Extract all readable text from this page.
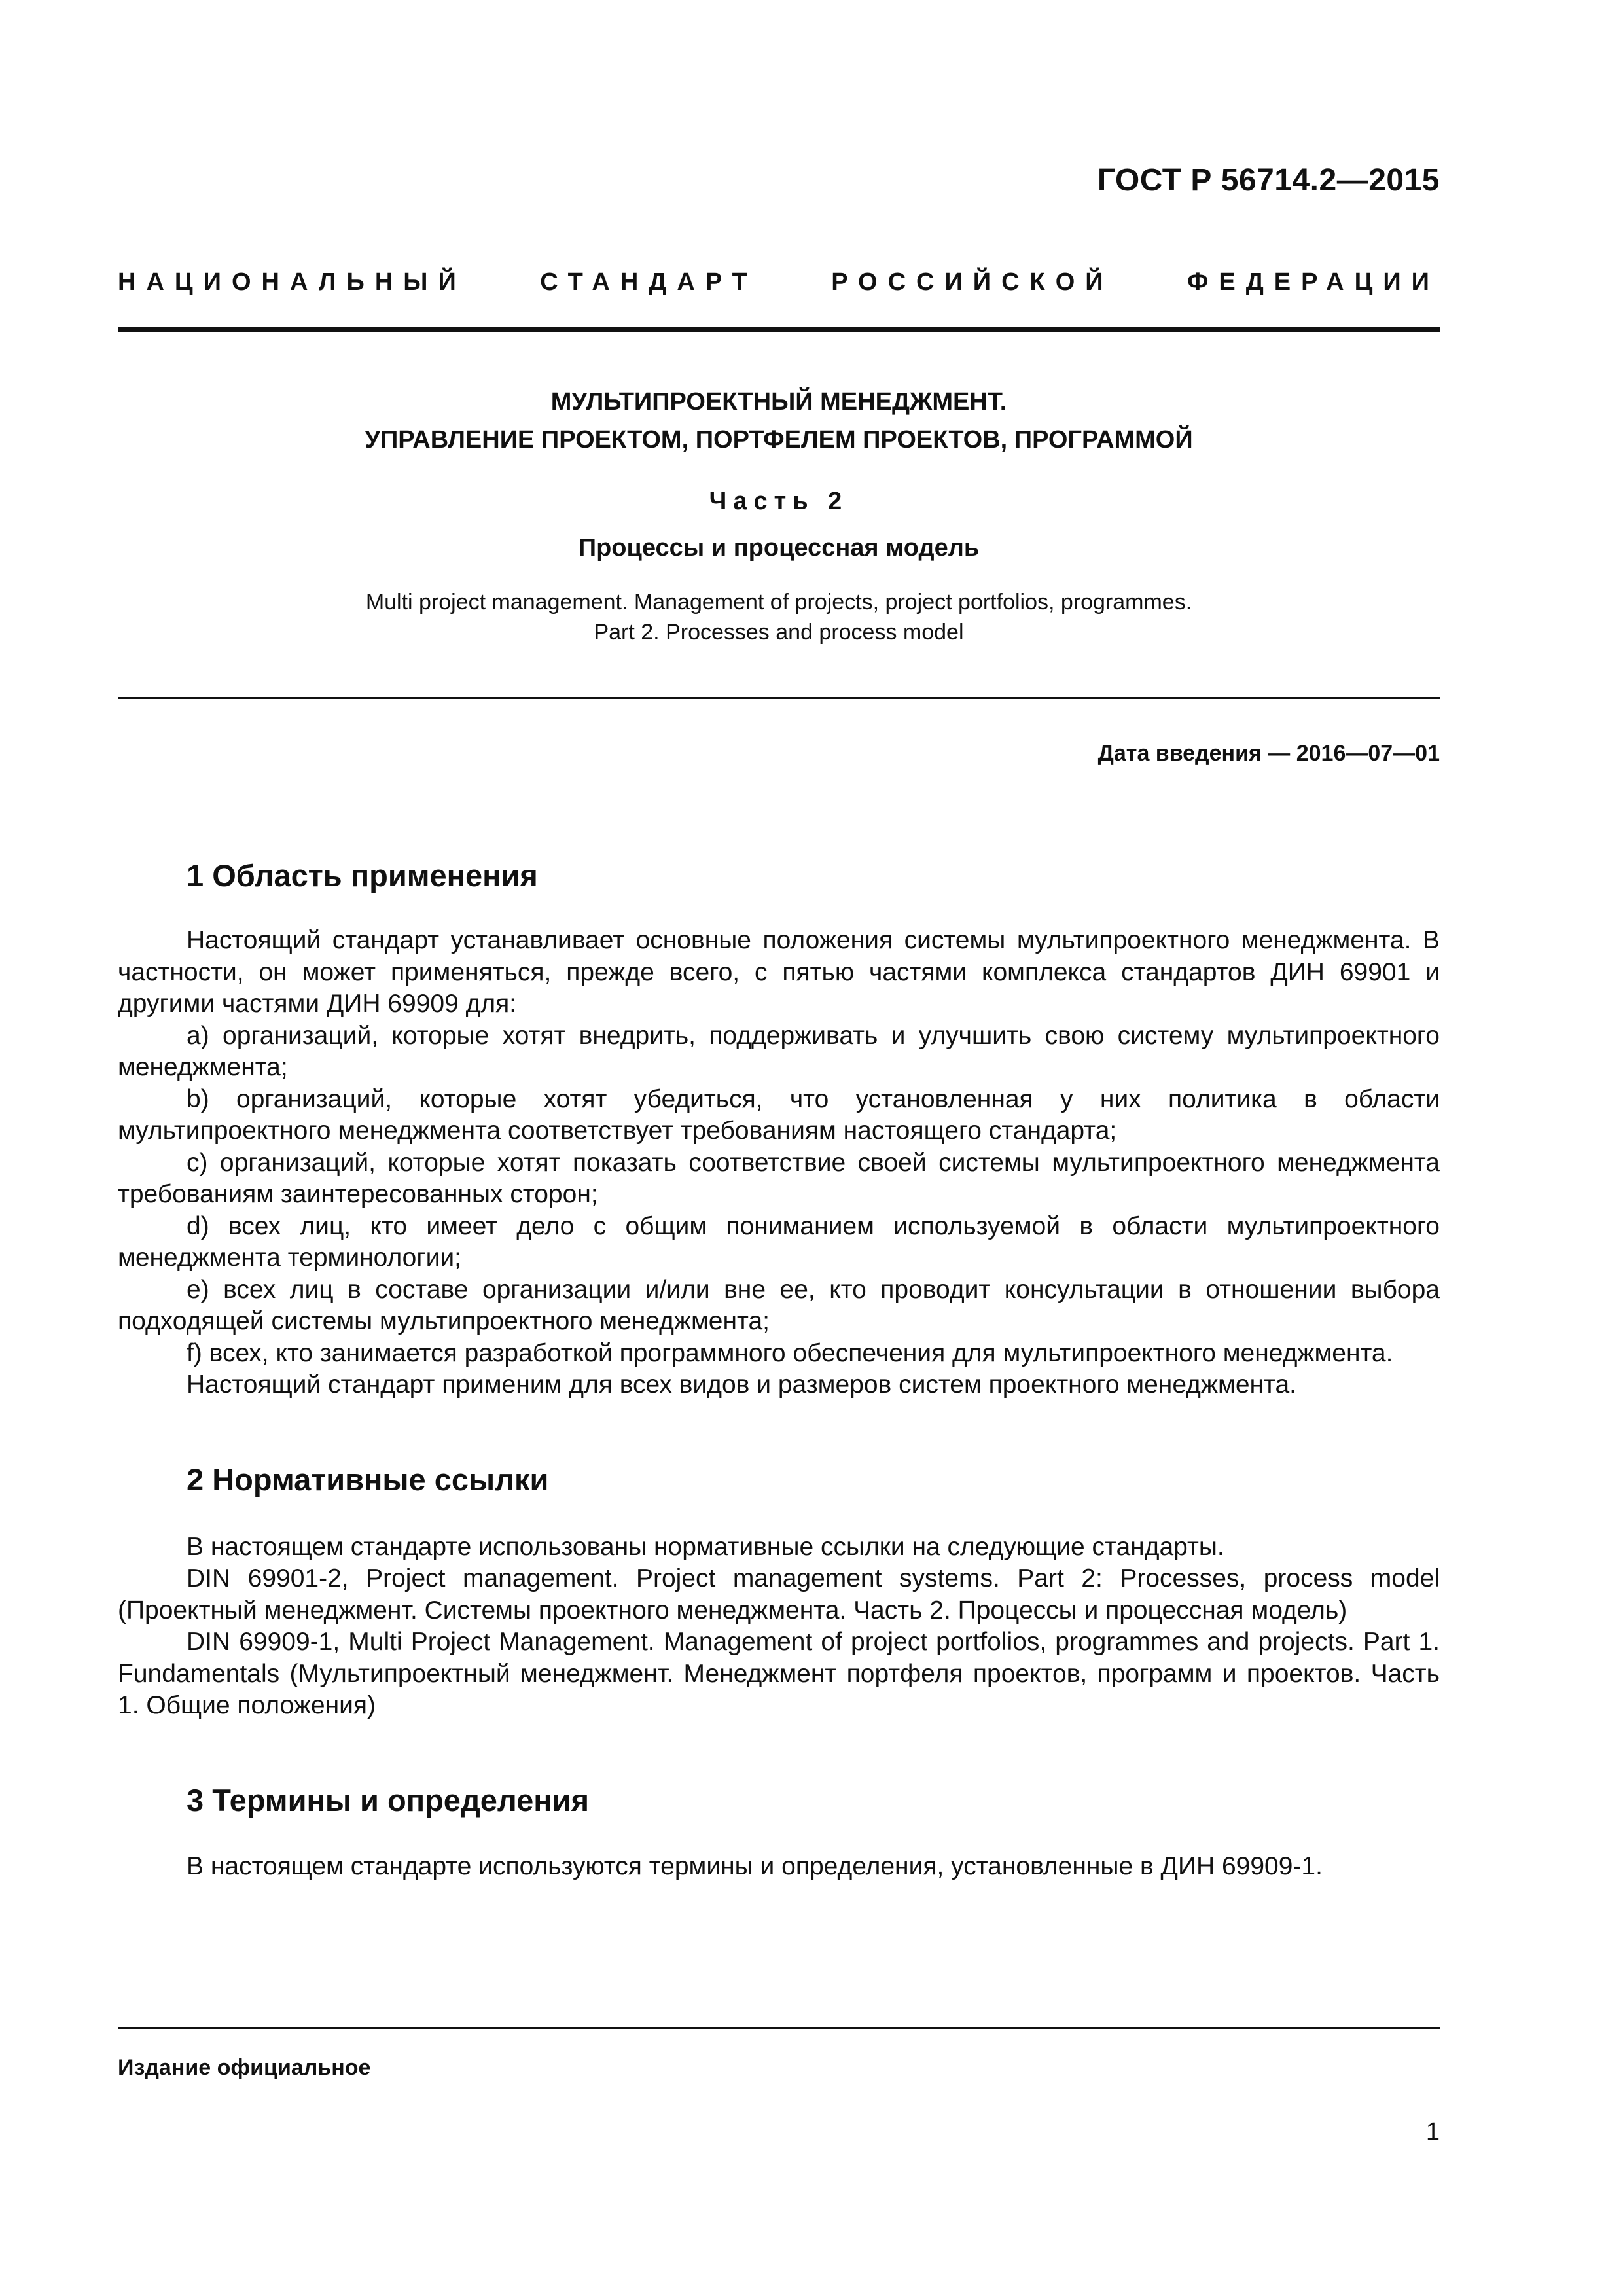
ГОСТ Р 56714.2—2015
НАЦИОНАЛЬНЫЙ	СТАНДАРТ	РОССИЙСКОЙ	ФЕДЕРАЦИИ
МУЛЬТИПРОЕКТНЫЙ МЕНЕДЖМЕНТ.
УПРАВЛЕНИЕ ПРОЕКТОМ, ПОРТФЕЛЕМ ПРОЕКТОВ, ПРОГРАММОЙ
Часть 2
Процессы и процессная модель
Multi project management. Management of projects, project portfolios, programmes.
Part 2. Processes and process model
Дата введения — 2016—07—01
1 Область применения

Настоящий стандарт устанавливает основные положения системы мультипроектного менеджмента. В частности, он может применяться, прежде всего, с пятью частями комплекса стандартов ДИН 69901 и другими частями ДИН 69909 для:

a) организаций, которые хотят внедрить, поддерживать и улучшить свою систему мультипроектного менеджмента;

b) организаций, которые хотят убедиться, что установленная у них политика в области мультипроектного менеджмента соответствует требованиям настоящего стандарта;

c) организаций, которые хотят показать соответствие своей системы мультипроектного менеджмента требованиям заинтересованных сторон;

d) всех лиц, кто имеет дело с общим пониманием используемой в области мультипроектного менеджмента терминологии;

e) всех лиц в составе организации и/или вне ее, кто проводит консультации в отношении выбора подходящей системы мультипроектного менеджмента;

f) всех, кто занимается разработкой программного обеспечения для мультипроектного менеджмента.

Настоящий стандарт применим для всех видов и размеров систем проектного менеджмента.

2 Нормативные ссылки

В настоящем стандарте использованы нормативные ссылки на следующие стандарты.

DIN 69901-2, Project management. Project management systems. Part 2: Processes, process model (Проектный менеджмент. Системы проектного менеджмента. Часть 2. Процессы и процессная модель)

DIN 69909-1, Multi Project Management. Management of project portfolios, programmes and projects. Part 1. Fundamentals (Мультипроектный менеджмент. Менеджмент портфеля проектов, программ и проектов. Часть 1. Общие положения)

3 Термины и определения

В настоящем стандарте используются термины и определения, установленные в ДИН 69909-1.

Издание официальное
1
